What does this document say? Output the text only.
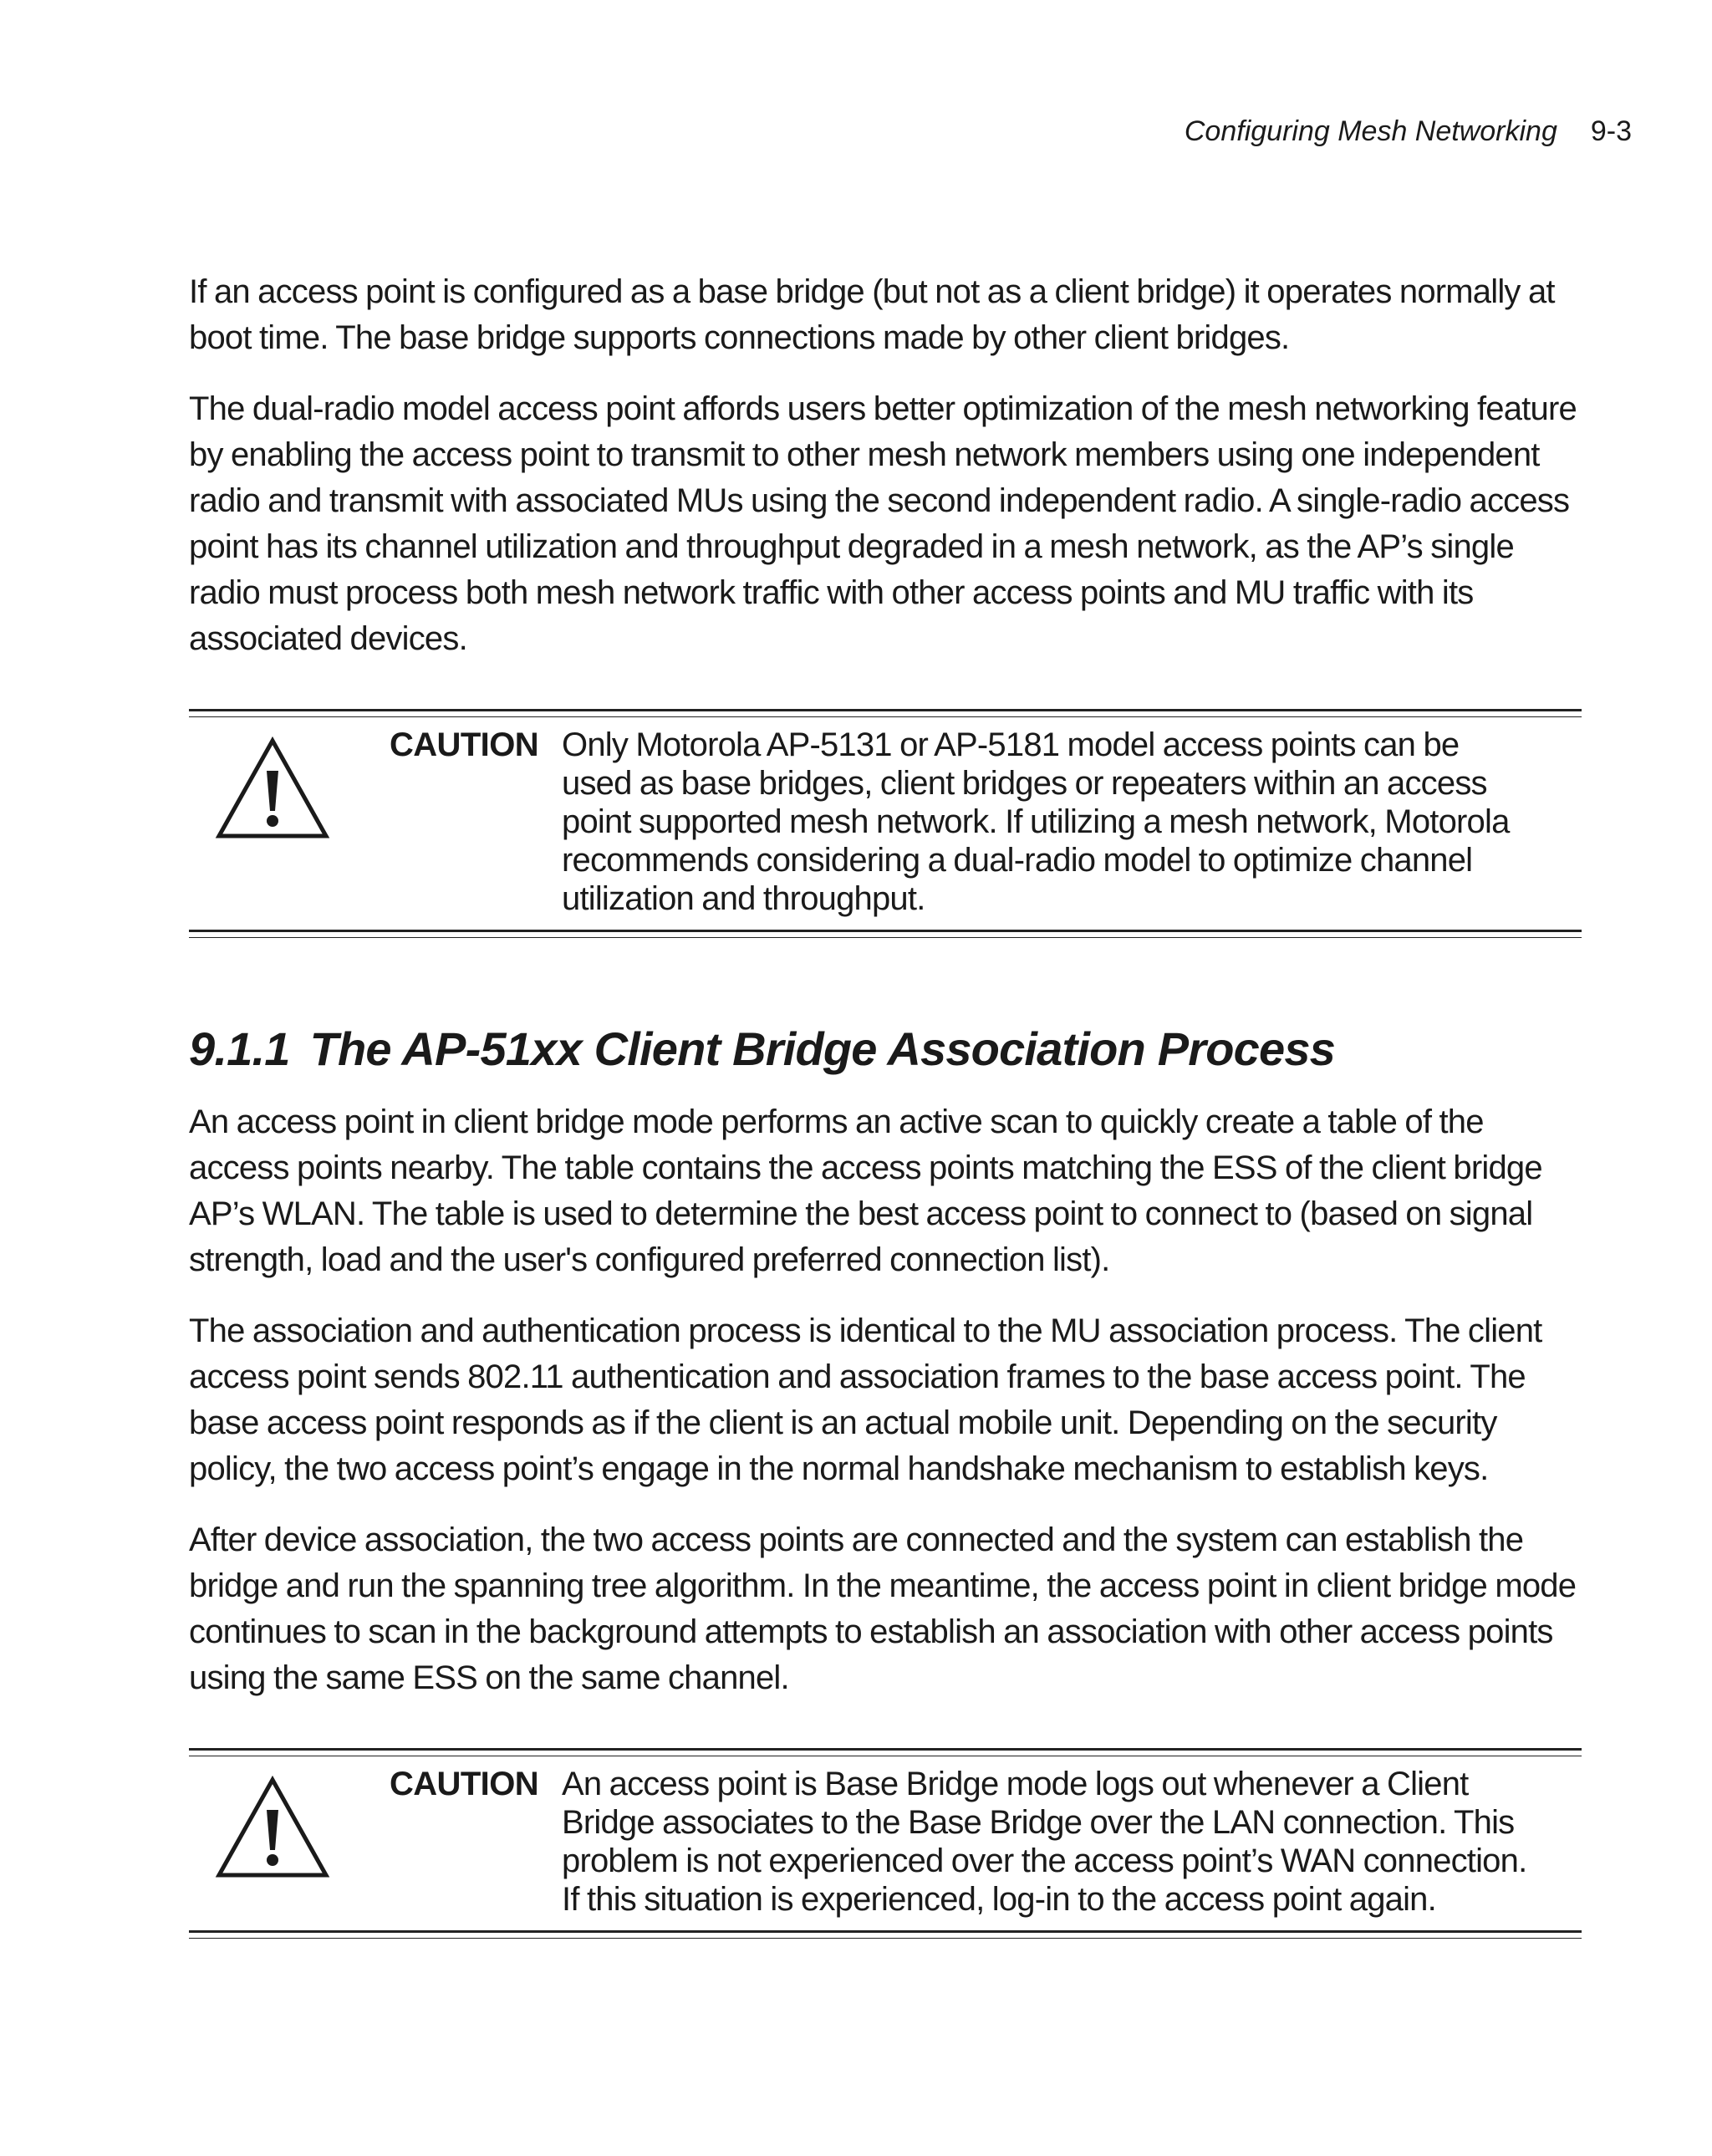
Configuring Mesh Networking 9-3

If an access point is configured as a base bridge (but not as a client bridge) it operates normally at boot time. The base bridge supports connections made by other client bridges.

The dual-radio model access point affords users better optimization of the mesh networking feature by enabling the access point to transmit to other mesh network members using one independent radio and transmit with associated MUs using the second independent radio. A single-radio access point has its channel utilization and throughput degraded in a mesh network, as the AP’s single radio must process both mesh network traffic with other access points and MU traffic with its associated devices.

CAUTION Only Motorola AP-5131 or AP-5181 model access points can be used as base bridges, client bridges or repeaters within an access point supported mesh network. If utilizing a mesh network, Motorola recommends considering a dual-radio model to optimize channel utilization and throughput.
9.1.1 The AP-51xx Client Bridge Association Process

An access point in client bridge mode performs an active scan to quickly create a table of the access points nearby. The table contains the access points matching the ESS of the client bridge AP’s WLAN. The table is used to determine the best access point to connect to (based on signal strength, load and the user's configured preferred connection list).

The association and authentication process is identical to the MU association process. The client access point sends 802.11 authentication and association frames to the base access point. The base access point responds as if the client is an actual mobile unit. Depending on the security policy, the two access point’s engage in the normal handshake mechanism to establish keys.

After device association, the two access points are connected and the system can establish the bridge and run the spanning tree algorithm. In the meantime, the access point in client bridge mode continues to scan in the background attempts to establish an association with other access points using the same ESS on the same channel.

CAUTION An access point is Base Bridge mode logs out whenever a Client Bridge associates to the Base Bridge over the LAN connection. This problem is not experienced over the access point’s WAN connection. If this situation is experienced, log-in to the access point again.
